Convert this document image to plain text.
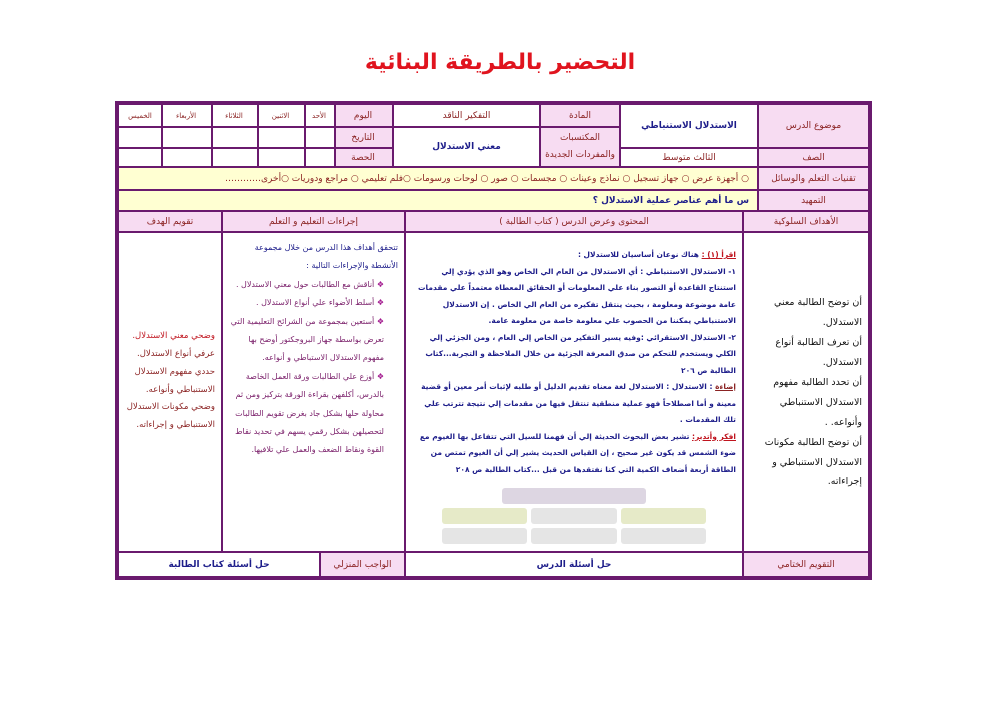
التحضير بالطريقة البنائية
موضوع الدرس
الاستدلال الاستنباطي
الصف
الثالث متوسط
المادة
المكتسبات والمفردات الجديدة
التفكير الناقد
معني الاستدلال
اليوم
التاريخ
الحصة
الأحد
الاثنين
الثلاثاء
الأربعاء
الخميس
تقنيات التعلم والوسائل
○ أجهزة عرض ○ جهاز تسجيل ○ نماذج وعينات ○ مجسمات ○ صور ○ لوحات ورسومات ○فلم تعليمي ○ مراجع ودوريات ○أخرى…………
التمهيد
س ما أهم عناصر عملية الاستدلال ؟
الأهداف السلوكية
المحتوى وعرض الدرس ( كتاب الطالبة )
إجراءات التعليم و التعلم
تقويم الهدف

أن توضح الطالبة معني الاستدلال.

أن تعرف الطالبة أنواع الاستدلال.

أن تحدد الطالبة مفهوم الاستدلال الاستنباطي وأنواعه. .

أن توضح الطالبة مكونات الاستدلال الاستنباطي و إجراءاته.

اقرأ (١) : هناك نوعان أساسيان للاستدلال :

١- الاستدلال الاستنباطي : أي الاستدلال من العام الي الخاص وهو الذي يؤدي إلي استنتاج القاعدة أو التصور بناء علي المعلومات أو الحقائق المعطاة معتمداً علي مقدمات عامة موضوعة ومعلومة ، بحيث ينتقل تفكيره من العام الي الخاص . إن الاستدلال الاستنباطي يمكننا من الحصوب علي معلومة خاصة من معلومة عامة.

٢- الاستدلال الاستقرائي :وفيه يسير التفكير من الخاص إلي العام ، ومن الجزئي إلي الكلي ويستخدم للتحكم من صدق المعرفة الجزئية من خلال الملاحظة و التجربة...كتاب الطالبة ص ٢٠٦

إضاءة : الاستدلال : الاستدلال لغة معناه تقديم الدليل أو طلبه لإثبات أمر معين أو قضية معينة و أما اصطلاحاً فهو عملية منطقية تنتقل فيها من مقدمات إلي نتيجة تترتب علي تلك المقدمات .

افكر وأتدبر: تشير بعض البحوث الحديثة إلي أن فهمنا للسيل التي تتفاعل بها الغيوم مع ضوء الشمس قد يكون غير صحيح ، إن القياس الحديث يشير إلي أن الغيوم تمتص من الطاقة أربعة أضعاف الكمية التي كنا نفتقدها من قبل ...كتاب الطالبة ص ٢٠٨

تتحقق أهداف هذا الدرس من خلال مجموعة الأنشطة والإجراءات التالية :

❖ أناقش مع الطالبات حول معني الاستدلال .
❖ أسلط الأضواء علي أنواع الاستدلال .
❖ أستعين بمجموعة من الشرائح التعليمية التي تعرض بواسطة جهاز البروجكتور أوضح بها مفهوم الاستدلال الاستباطي و أنواعه.
❖ أوزع علي الطالبات ورقة العمل الخاصة بالدرس، أكلفهن بقراءة الورقة بتركيز ومن ثم محاولة حلها بشكل جاد بغرض تقويم الطالبات لتحصيلهن بشكل رقمي يسهم في تحديد نقاط القوة ونقاط الضعف والعمل علي تلافيها.

وضحي معني الاستدلال.

عرفي أنواع الاستدلال.

حددي مفهوم الاستدلال الاستنباطي وأنواعه.

وضحي مكونات الاستدلال الاستنباطي و إجراءاته.

التقويم الختامي
حل أسئلة الدرس
الواجب المنزلي
حل أسئلة كتاب الطالبة
